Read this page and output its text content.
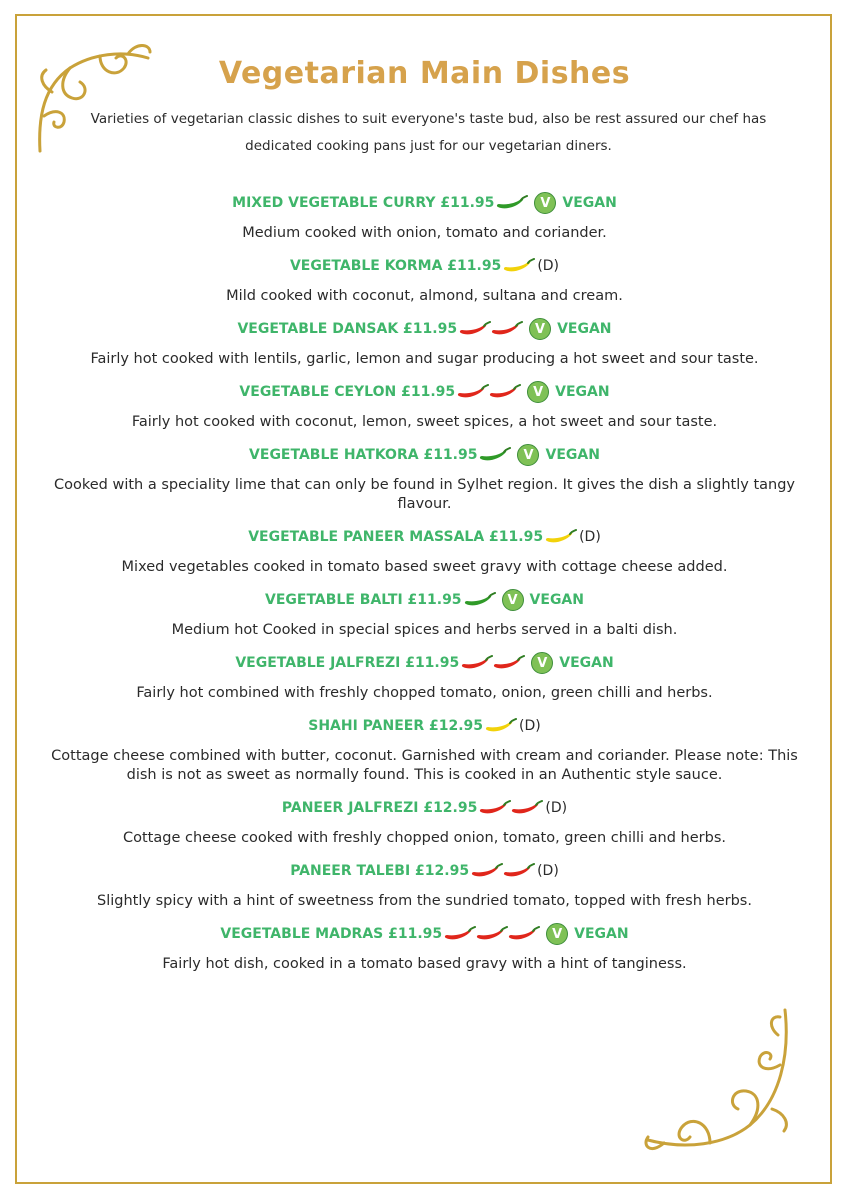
Vegetarian Main Dishes
Varieties of vegetarian classic dishes to suit everyone's taste bud, also be rest assured our chef has dedicated cooking pans just for our vegetarian diners.
MIXED VEGETABLE CURRY £11.95	V VEGAN
Medium cooked with onion, tomato and coriander.
VEGETABLE KORMA £11.95	(D)
Mild cooked with coconut, almond, sultana and cream.
VEGETABLE DANSAK £11.95	V VEGAN
Fairly hot cooked with lentils, garlic, lemon and sugar producing a hot sweet and sour taste.
VEGETABLE CEYLON £11.95	V VEGAN
Fairly hot cooked with coconut, lemon, sweet spices, a hot sweet and sour taste.
VEGETABLE HATKORA £11.95	V VEGAN
Cooked with a speciality lime that can only be found in Sylhet region. It gives the dish a slightly tangy flavour.
VEGETABLE PANEER MASSALA £11.95	(D)
Mixed vegetables cooked in tomato based sweet gravy with cottage cheese added.
VEGETABLE BALTI £11.95	V VEGAN
Medium hot Cooked in special spices and herbs served in a balti dish.
VEGETABLE JALFREZI £11.95	V VEGAN
Fairly hot combined with freshly chopped tomato, onion, green chilli and herbs.
SHAHI PANEER £12.95	(D)
Cottage cheese combined with butter, coconut. Garnished with cream and coriander. Please note: This dish is not as sweet as normally found. This is cooked in an Authentic style sauce.
PANEER JALFREZI £12.95	(D)
Cottage cheese cooked with freshly chopped onion, tomato, green chilli and herbs.
PANEER TALEBI £12.95	(D)
Slightly spicy with a hint of sweetness from the sundried tomato, topped with fresh herbs.
VEGETABLE MADRAS £11.95	V VEGAN
Fairly hot dish, cooked in a tomato based gravy with a hint of tanginess.
